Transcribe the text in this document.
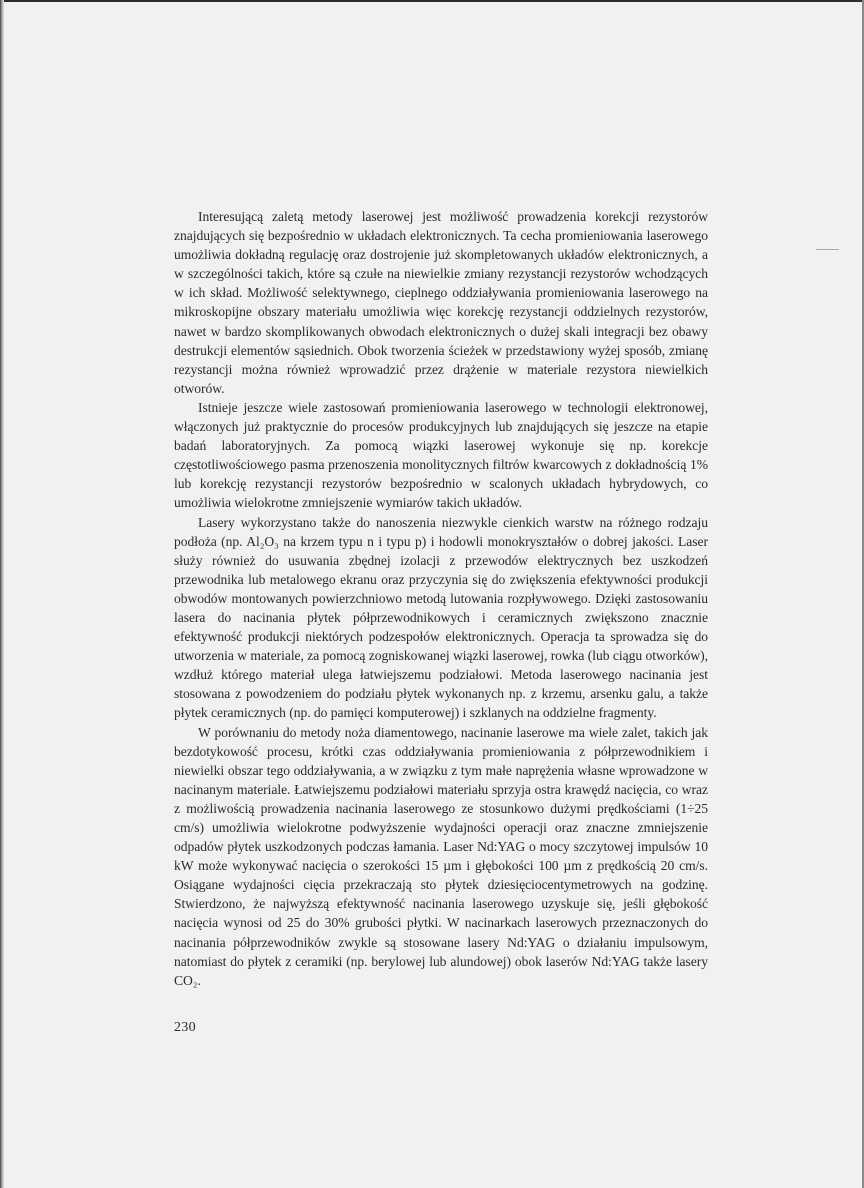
Interesującą zaletą metody laserowej jest możliwość prowadzenia korekcji rezystorów znajdujących się bezpośrednio w układach elektronicznych. Ta cecha promieniowania laserowego umożliwia dokładną regulację oraz dostrojenie już skompletowanych układów elektronicznych, a w szczególności takich, które są czułe na niewielkie zmiany rezystancji rezystorów wchodzących w ich skład. Możliwość selektywnego, cieplnego oddziaływania promieniowania laserowego na mikroskopijne obszary materiału umożliwia więc korekcję rezystancji oddzielnych rezystorów, nawet w bardzo skomplikowanych obwodach elektronicznych o dużej skali integracji bez obawy destrukcji elementów sąsiednich. Obok tworzenia ścieżek w przedstawiony wyżej sposób, zmianę rezystancji można również wprowadzić przez drążenie w materiale rezystora niewielkich otworów.

Istnieje jeszcze wiele zastosowań promieniowania laserowego w technologii elektronowej, włączonych już praktycznie do procesów produkcyjnych lub znajdujących się jeszcze na etapie badań laboratoryjnych. Za pomocą wiązki laserowej wykonuje się np. korekcje częstotliwościowego pasma przenoszenia monolitycznych filtrów kwarcowych z dokładnością 1% lub korekcję rezystancji rezystorów bezpośrednio w scalonych układach hybrydowych, co umożliwia wielokrotne zmniejszenie wymiarów takich układów.

Lasery wykorzystano także do nanoszenia niezwykle cienkich warstw na różnego rodzaju podłoża (np. Al₂O₃ na krzem typu n i typu p) i hodowli monokryształów o dobrej jakości. Laser służy również do usuwania zbędnej izolacji z przewodów elektrycznych bez uszkodzeń przewodnika lub metalowego ekranu oraz przyczynia się do zwiększenia efektywności produkcji obwodów montowanych powierzchniowo metodą lutowania rozpływowego. Dzięki zastosowaniu lasera do nacinania płytek półprzewodnikowych i ceramicznych zwiększono znacznie efektywność produkcji niektórych podzespołów elektronicznych. Operacja ta sprowadza się do utworzenia w materiale, za pomocą zogniskowanej wiązki laserowej, rowka (lub ciągu otworków), wzdłuż którego materiał ulega łatwiejszemu podziałowi. Metoda laserowego nacinania jest stosowana z powodzeniem do podziału płytek wykonanych np. z krzemu, arsenku galu, a także płytek ceramicznych (np. do pamięci komputerowej) i szklanych na oddzielne fragmenty.

W porównaniu do metody noża diamentowego, nacinanie laserowe ma wiele zalet, takich jak bezdotykowość procesu, krótki czas oddziaływania promieniowania z półprzewodnikiem i niewielki obszar tego oddziaływania, a w związku z tym małe naprężenia własne wprowadzone w nacinanym materiale. Łatwiejszemu podziałowi materiału sprzyja ostra krawędź nacięcia, co wraz z możliwością prowadzenia nacinania laserowego ze stosunkowo dużymi prędkościami (1÷25 cm/s) umożliwia wielokrotne podwyższenie wydajności operacji oraz znaczne zmniejszenie odpadów płytek uszkodzonych podczas łamania. Laser Nd:YAG o mocy szczytowej impulsów 10 kW może wykonywać nacięcia o szerokości 15 µm i głębokości 100 µm z prędkością 20 cm/s. Osiągane wydajności cięcia przekraczają sto płytek dziesięciocentymetrowych na godzinę. Stwierdzono, że najwyższą efektywność nacinania laserowego uzyskuje się, jeśli głębokość nacięcia wynosi od 25 do 30% grubości płytki. W nacinarkach laserowych przeznaczonych do nacinania półprzewodników zwykle są stosowane lasery Nd:YAG o działaniu impulsowym, natomiast do płytek z ceramiki (np. berylowej lub alundowej) obok laserów Nd:YAG także lasery CO₂.

230
